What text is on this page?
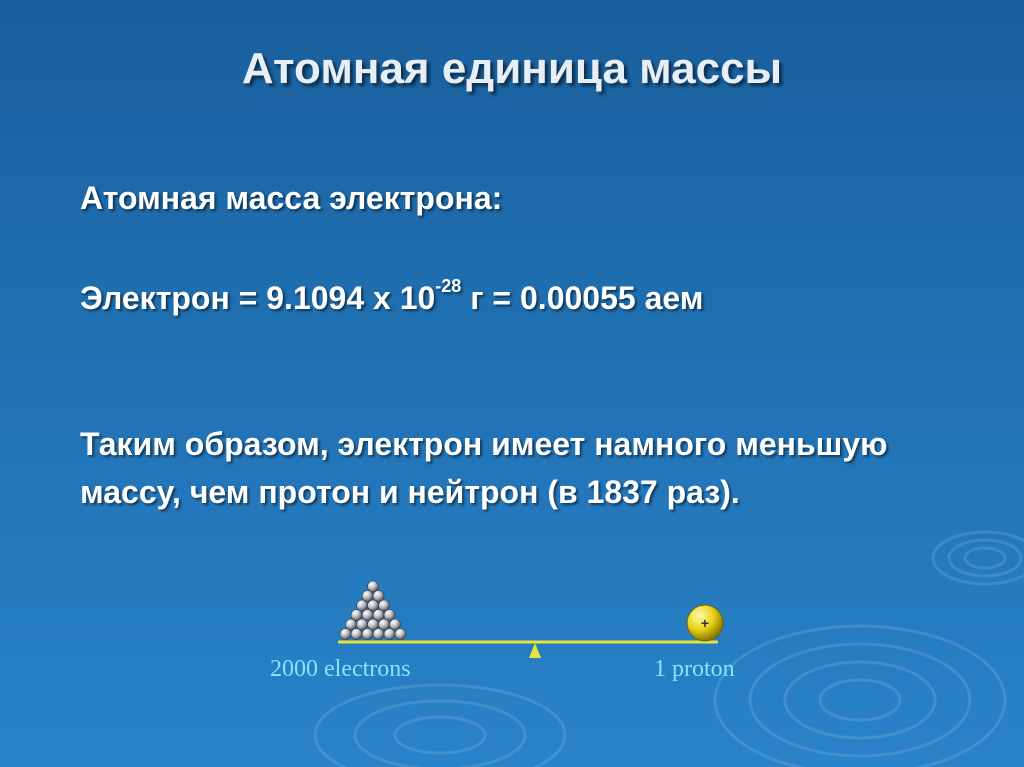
Атомная единица массы
Атомная масса электрона:
Электрон = 9.1094 х $10^{-28}$ г = 0.00055 аем
Таким образом, электрон имеет намного меньшую массу, чем протон и нейтрон (в 1837 раз).
+
2000 electrons	1 proton
